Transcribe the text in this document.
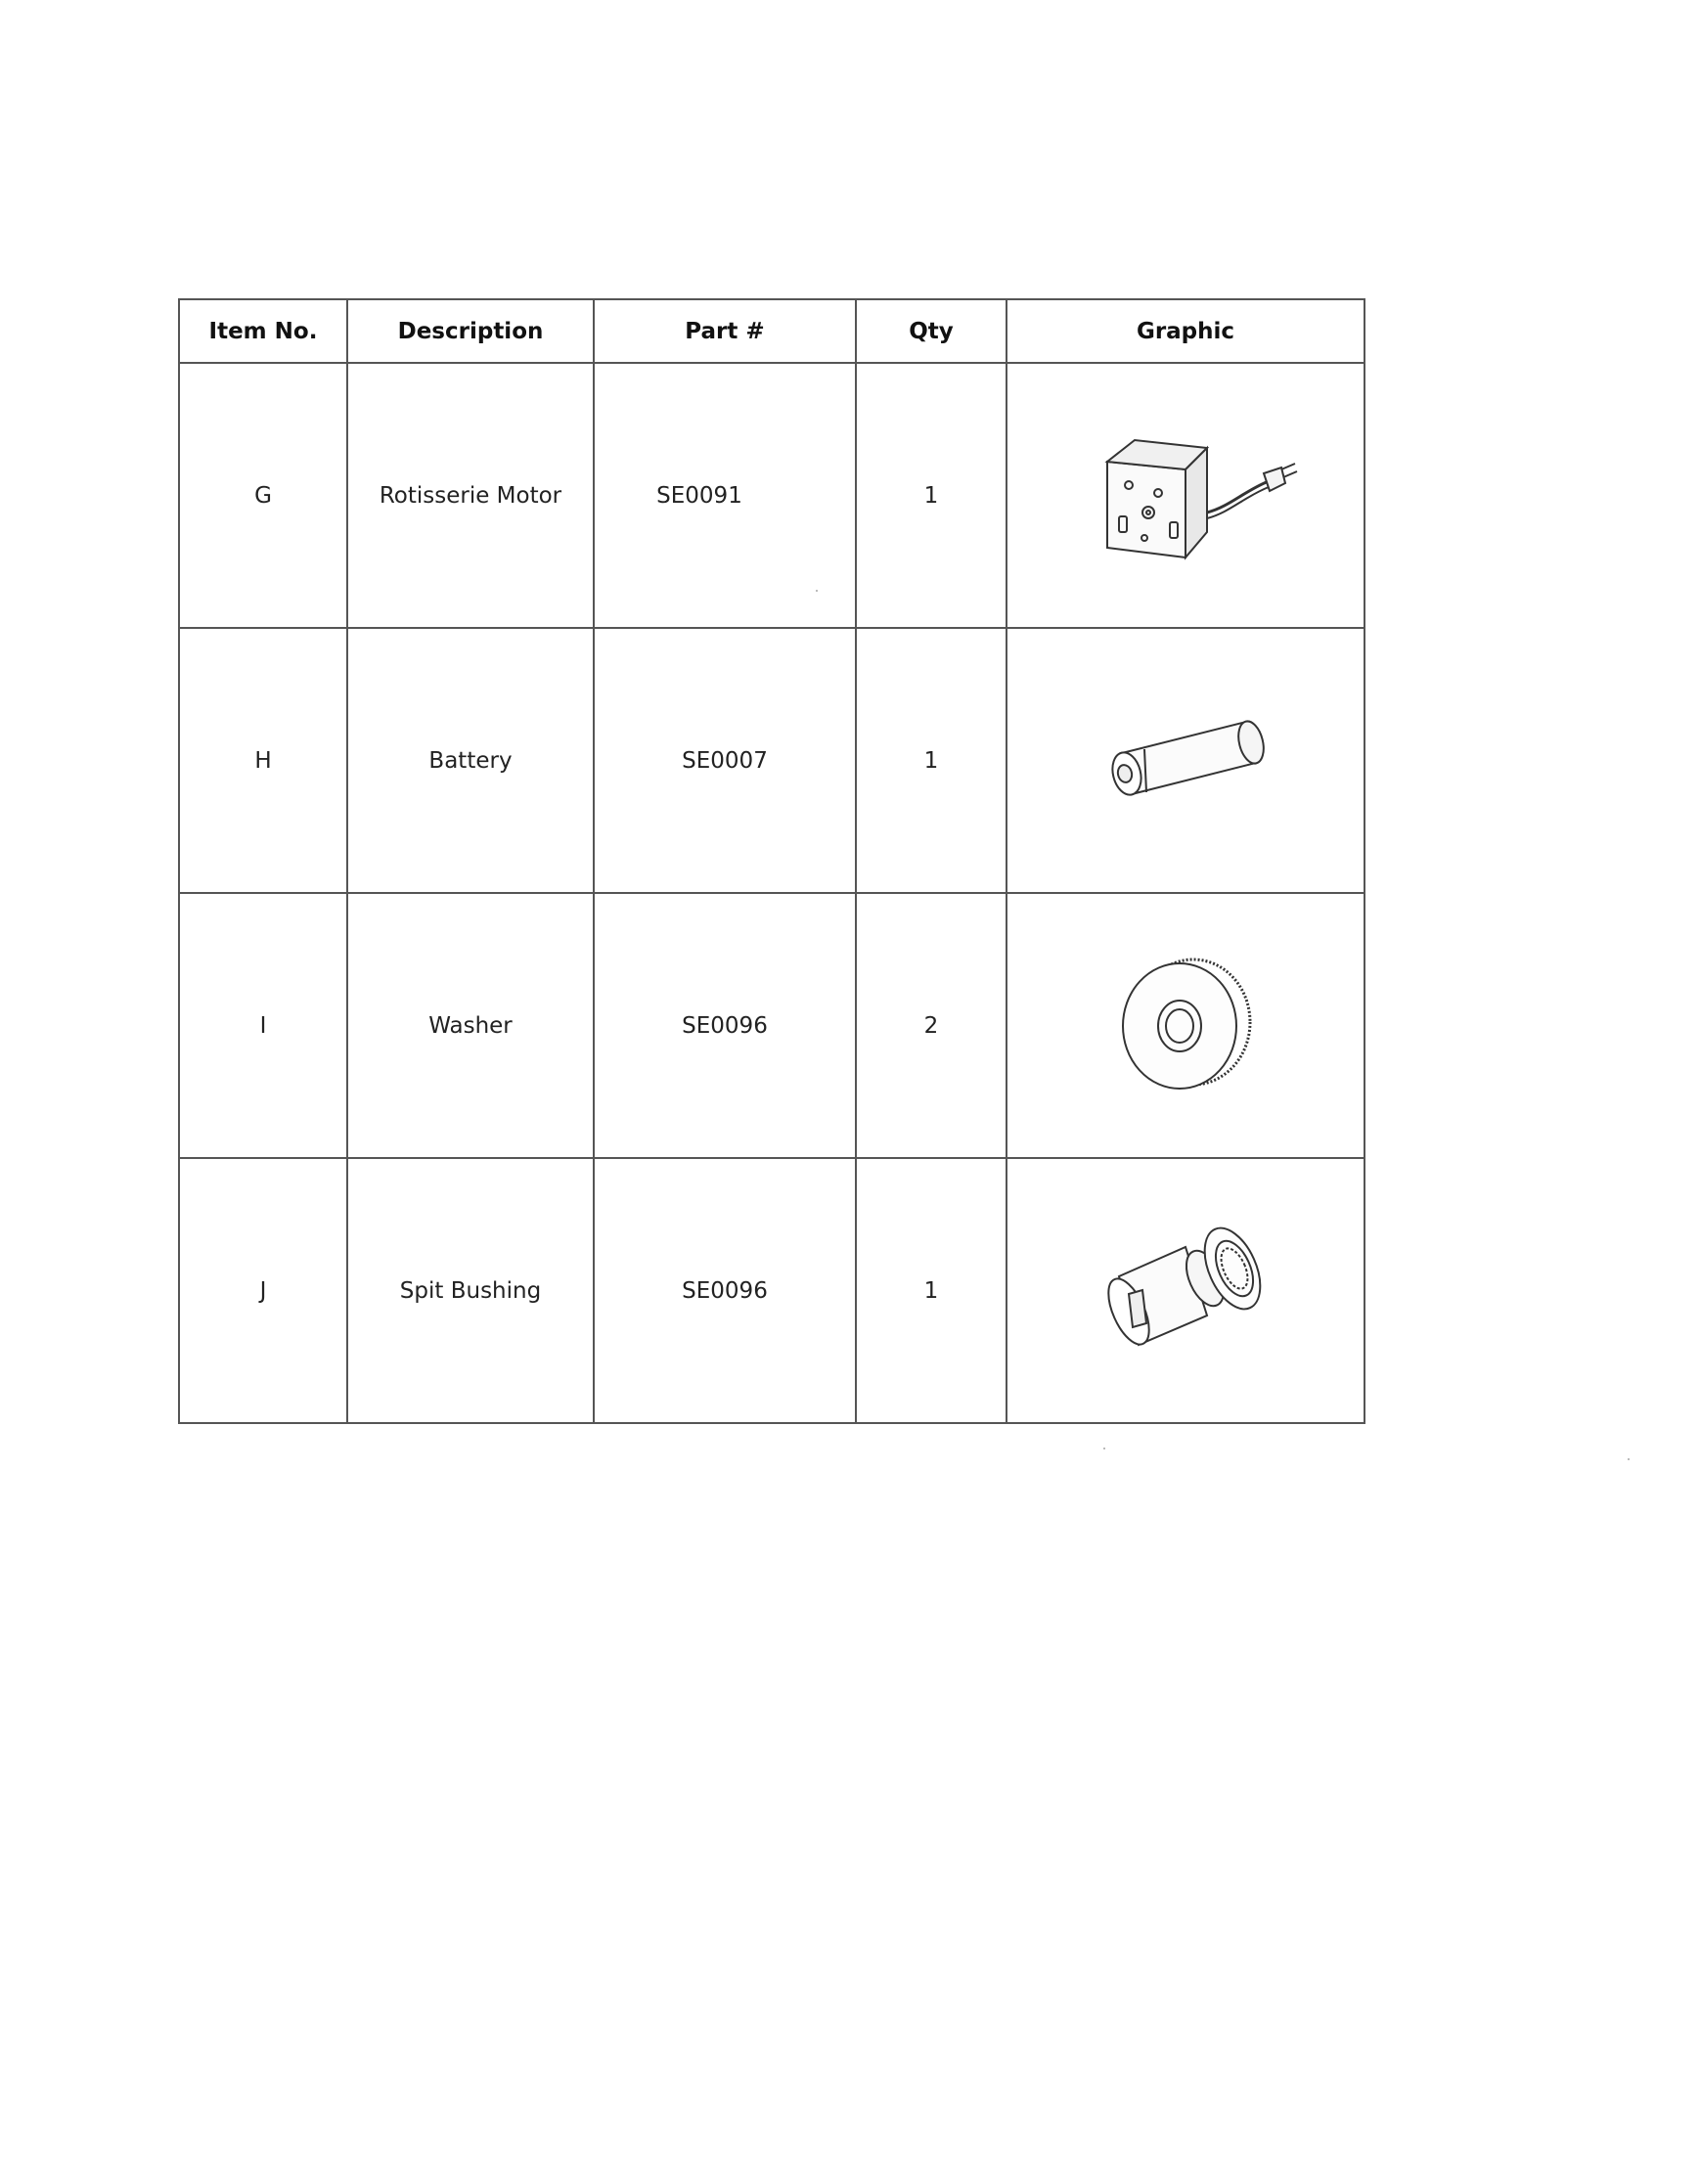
Item No.	Description	Part #	Qty	Graphic
G	Rotisserie Motor	SE0091	1	

H	Battery	SE0007	1	

I	Washer	SE0096	2	

J	Spit Bushing	SE0096	1	
